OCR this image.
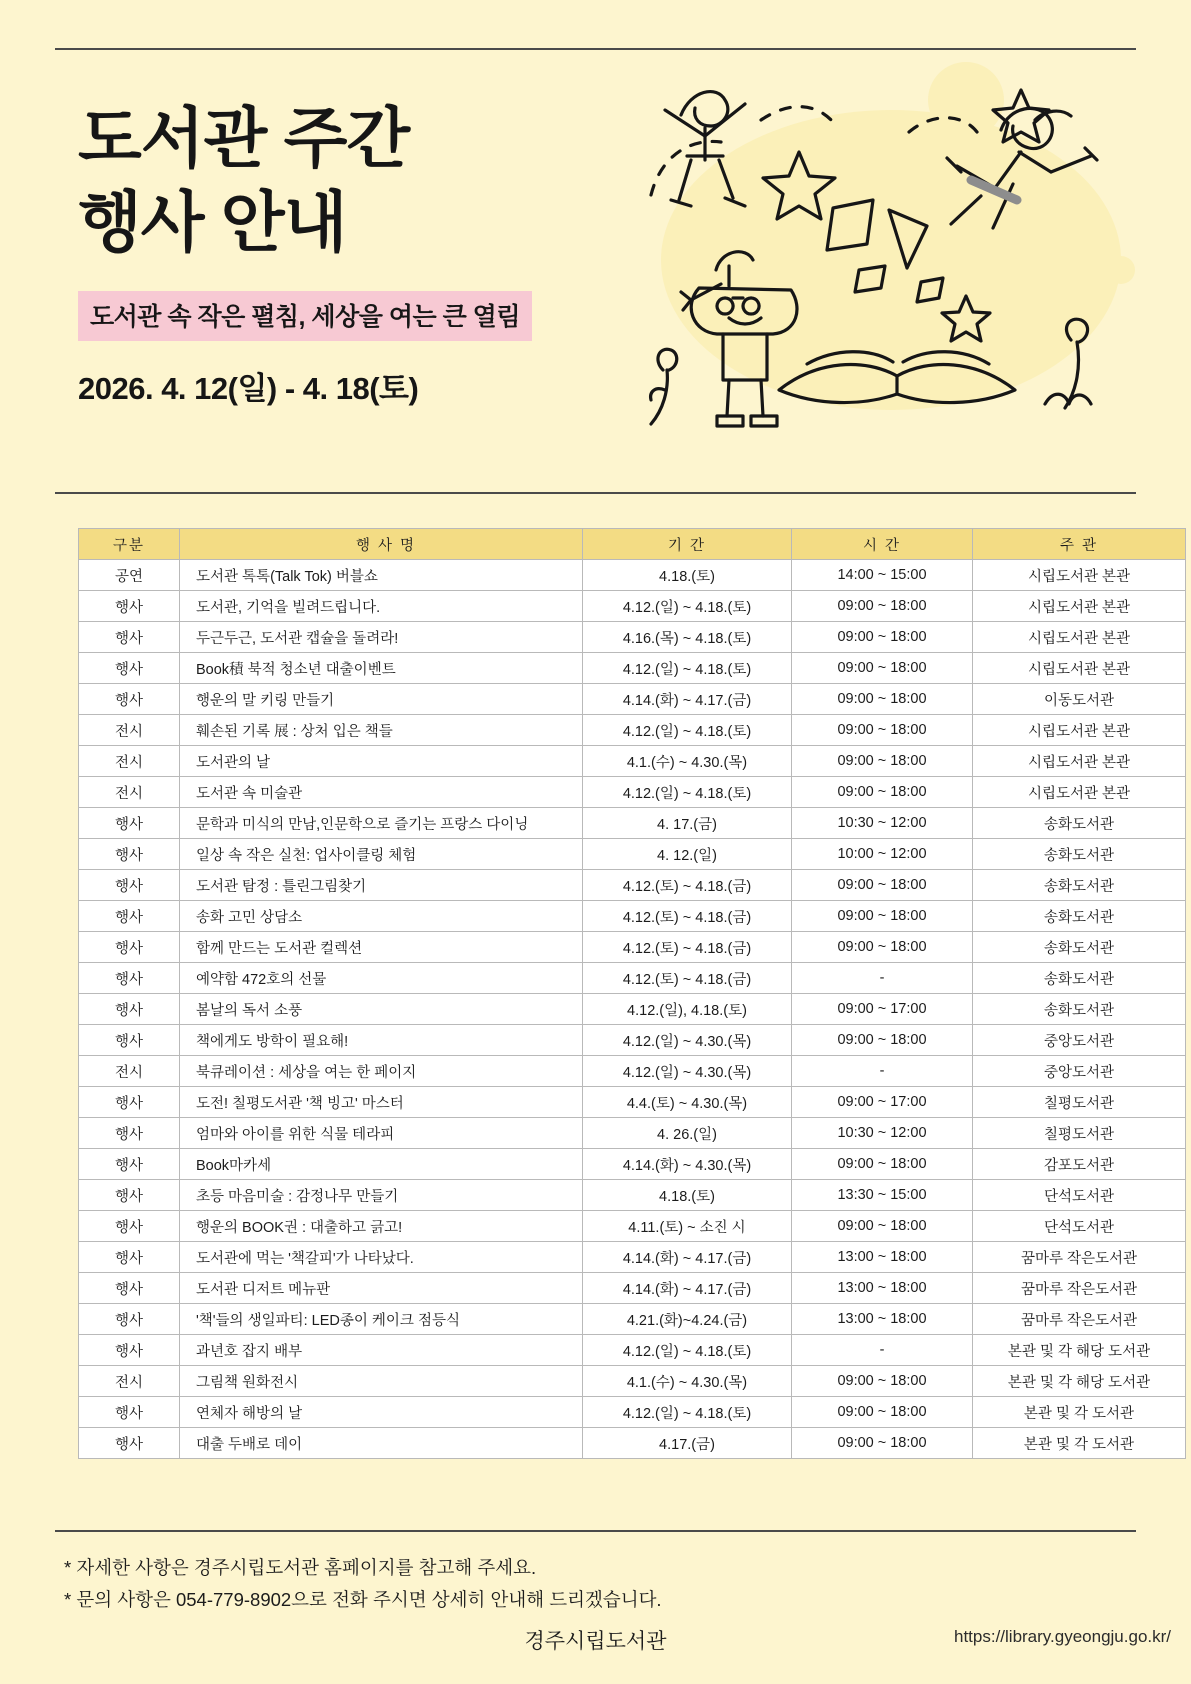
도서관 주간
행사 안내
도서관 속 작은 펼침, 세상을 여는 큰 열림
2026. 4. 12(일) - 4. 18(토)
구분	행 사 명	기 간	시 간	주 관
공연	도서관 톡톡(Talk Tok) 버블쇼	4.18.(토)	14:00 ~ 15:00	시립도서관 본관
행사	도서관, 기억을 빌려드립니다.	4.12.(일) ~ 4.18.(토)	09:00 ~ 18:00	시립도서관 본관
행사	두근두근, 도서관 캡슐을 돌려라!	4.16.(목) ~ 4.18.(토)	09:00 ~ 18:00	시립도서관 본관
행사	Book積 북적 청소년 대출이벤트	4.12.(일) ~ 4.18.(토)	09:00 ~ 18:00	시립도서관 본관
행사	행운의 말 키링 만들기	4.14.(화) ~ 4.17.(금)	09:00 ~ 18:00	이동도서관
전시	훼손된 기록 展 : 상처 입은 책들	4.12.(일) ~ 4.18.(토)	09:00 ~ 18:00	시립도서관 본관
전시	도서관의 날	4.1.(수) ~ 4.30.(목)	09:00 ~ 18:00	시립도서관 본관
전시	도서관 속 미술관	4.12.(일) ~ 4.18.(토)	09:00 ~ 18:00	시립도서관 본관
행사	문학과 미식의 만남,인문학으로 즐기는 프랑스 다이닝	4. 17.(금)	10:30 ~ 12:00	송화도서관
행사	일상 속 작은 실천: 업사이클링 체험	4. 12.(일)	10:00 ~ 12:00	송화도서관
행사	도서관 탐정 : 틀린그림찾기	4.12.(토) ~ 4.18.(금)	09:00 ~ 18:00	송화도서관
행사	송화 고민 상담소	4.12.(토) ~ 4.18.(금)	09:00 ~ 18:00	송화도서관
행사	함께 만드는 도서관 컬렉션	4.12.(토) ~ 4.18.(금)	09:00 ~ 18:00	송화도서관
행사	예약함 472호의 선물	4.12.(토) ~ 4.18.(금)	-	송화도서관
행사	봄날의 독서 소풍	4.12.(일), 4.18.(토)	09:00 ~ 17:00	송화도서관
행사	책에게도 방학이 필요해!	4.12.(일) ~ 4.30.(목)	09:00 ~ 18:00	중앙도서관
전시	북큐레이션 : 세상을 여는 한 페이지	4.12.(일) ~ 4.30.(목)	-	중앙도서관
행사	도전! 칠평도서관 '책 빙고' 마스터	4.4.(토) ~ 4.30.(목)	09:00 ~ 17:00	칠평도서관
행사	엄마와 아이를 위한 식물 테라피	4. 26.(일)	10:30 ~ 12:00	칠평도서관
행사	Book마카세	4.14.(화) ~ 4.30.(목)	09:00 ~ 18:00	감포도서관
행사	초등 마음미술 : 감정나무 만들기	4.18.(토)	13:30 ~ 15:00	단석도서관
행사	행운의 BOOK권 : 대출하고 긁고!	4.11.(토) ~ 소진 시	09:00 ~ 18:00	단석도서관
행사	도서관에 먹는 '책갈피'가 나타났다.	4.14.(화) ~ 4.17.(금)	13:00 ~ 18:00	꿈마루 작은도서관
행사	도서관 디저트 메뉴판	4.14.(화) ~ 4.17.(금)	13:00 ~ 18:00	꿈마루 작은도서관
행사	'책'들의 생일파티: LED종이 케이크 점등식	4.21.(화)~4.24.(금)	13:00 ~ 18:00	꿈마루 작은도서관
행사	과년호 잡지 배부	4.12.(일) ~ 4.18.(토)	-	본관 및 각 해당 도서관
전시	그림책 원화전시	4.1.(수) ~ 4.30.(목)	09:00 ~ 18:00	본관 및 각 해당 도서관
행사	연체자 해방의 날	4.12.(일) ~ 4.18.(토)	09:00 ~ 18:00	본관 및 각 도서관
행사	대출 두배로 데이	4.17.(금)	09:00 ~ 18:00	본관 및 각 도서관
* 자세한 사항은 경주시립도서관 홈페이지를 참고해 주세요.
* 문의 사항은 054-779-8902으로 전화 주시면 상세히 안내해 드리겠습니다.
경주시립도서관	https://library.gyeongju.go.kr/
